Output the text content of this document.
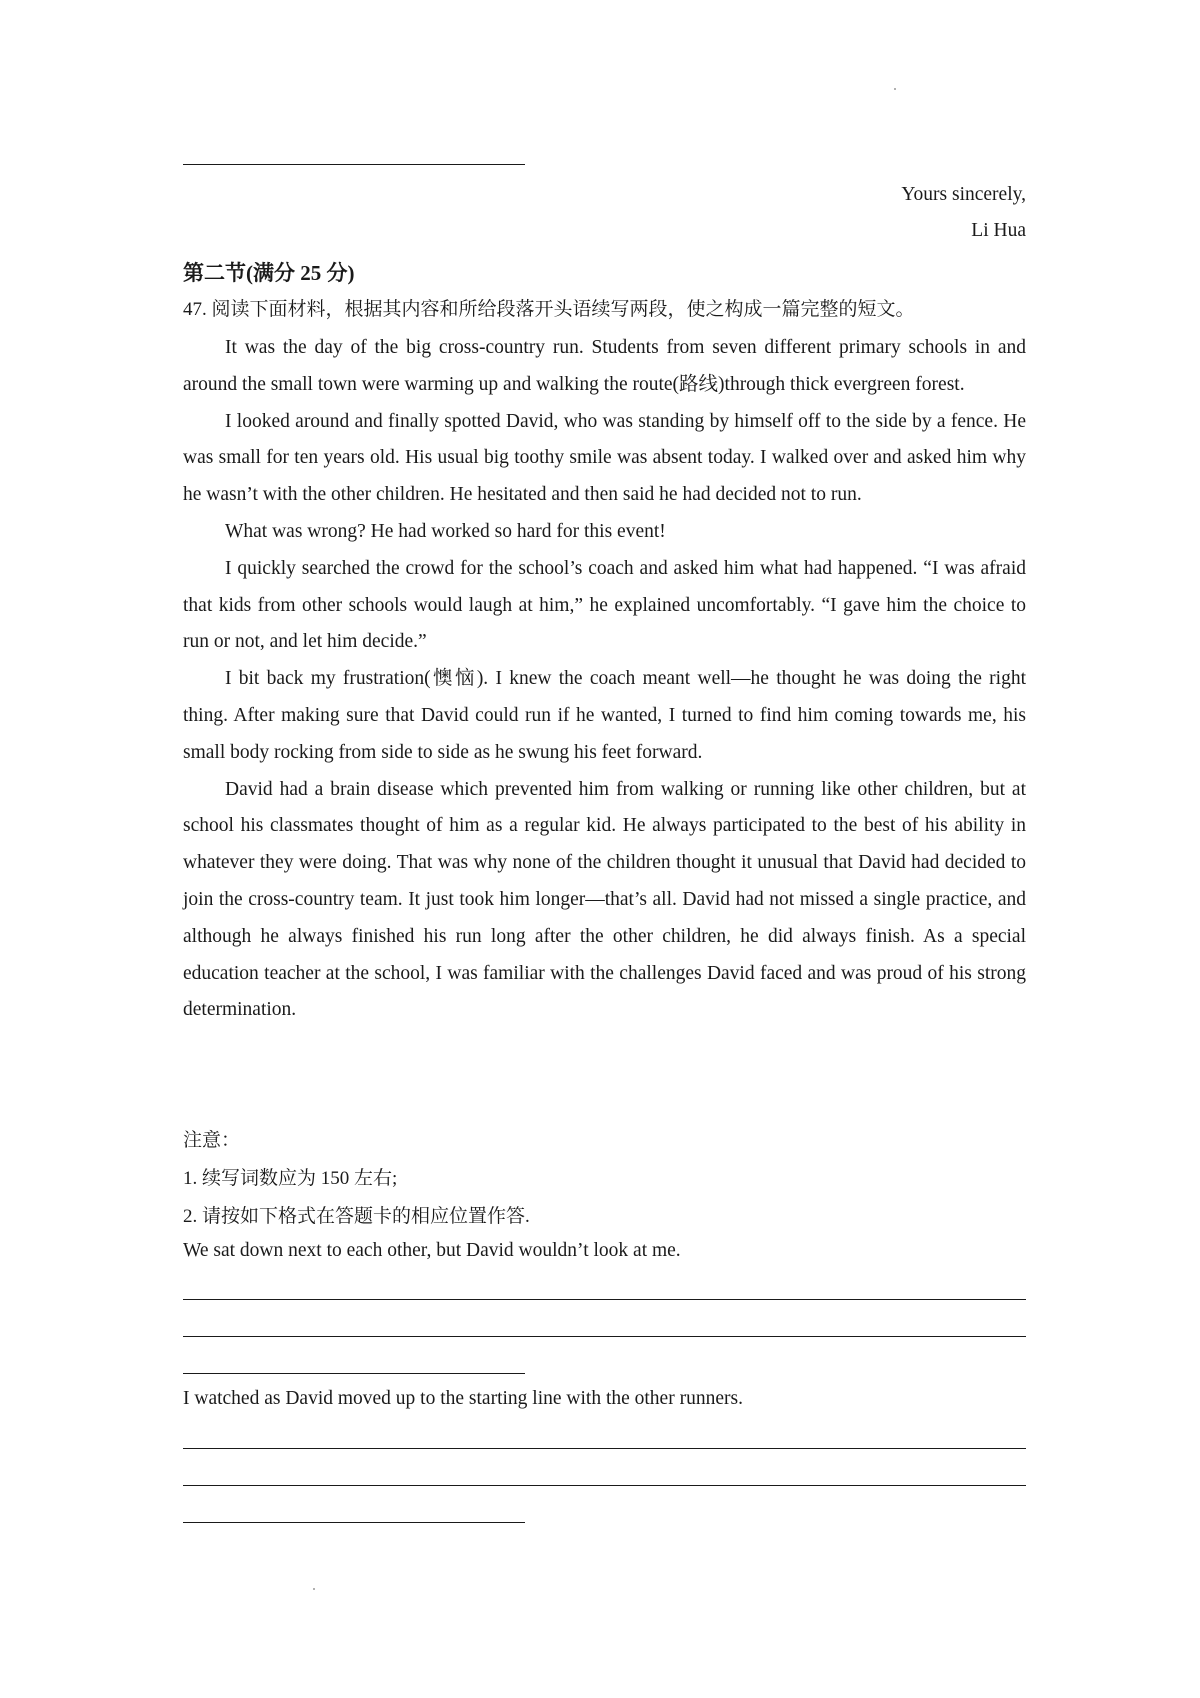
Yours sincerely,
Li Hua
第二节(满分 25 分)
47. 阅读下面材料，根据其内容和所给段落开头语续写两段，使之构成一篇完整的短文。

It was the day of the big cross-country run. Students from seven different primary schools in and around the small town were warming up and walking the route(路线)through thick evergreen forest.

I looked around and finally spotted David, who was standing by himself off to the side by a fence. He was small for ten years old. His usual big toothy smile was absent today. I walked over and asked him why he wasn’t with the other children. He hesitated and then said he had decided not to run.

What was wrong? He had worked so hard for this event!

I quickly searched the crowd for the school’s coach and asked him what had happened. “I was afraid that kids from other schools would laugh at him,” he explained uncomfortably. “I gave him the choice to run or not, and let him decide.”

I bit back my frustration(懊恼). I knew the coach meant well—he thought he was doing the right thing. After making sure that David could run if he wanted, I turned to find him coming towards me, his small body rocking from side to side as he swung his feet forward.

David had a brain disease which prevented him from walking or running like other children, but at school his classmates thought of him as a regular kid. He always participated to the best of his ability in whatever they were doing. That was why none of the children thought it unusual that David had decided to join the cross-country team. It just took him longer—that’s all. David had not missed a single practice, and although he always finished his run long after the other children, he did always finish. As a special education teacher at the school, I was familiar with the challenges David faced and was proud of his strong determination.

注意：
1. 续写词数应为 150 左右;
2. 请按如下格式在答题卡的相应位置作答.
We sat down next to each other, but David wouldn’t look at me.
I watched as David moved up to the starting line with the other runners.
